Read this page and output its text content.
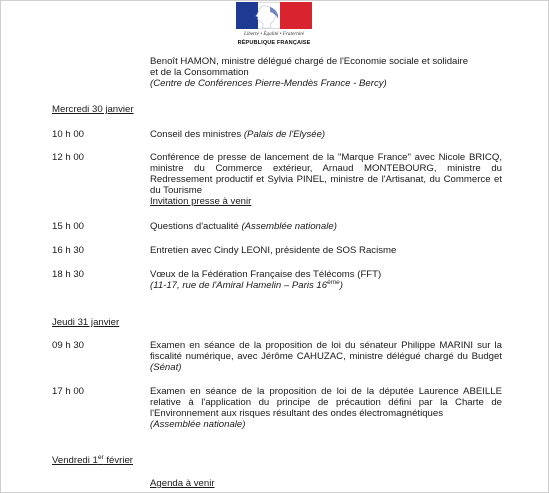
Liberté • Égalité • Fraternité
RÉPUBLIQUE FRANÇAISE

Benoît HAMON, ministre délégué chargé de l'Economie sociale et solidaire

et de la Consommation

(Centre de Conférences Pierre-Mendès France - Bercy)

Mercredi 30 janvier
10 h 00	Conseil des ministres (Palais de l'Elysée)
12 h 00	Conférence de presse de lancement de la "Marque France" avec Nicole BRICQ, ministre du Commerce extérieur, Arnaud MONTEBOURG, ministre du Redressement productif et Sylvia PINEL, ministre de l'Artisanat, du Commerce et du Tourisme
Invitation presse à venir
15 h 00	Questions d'actualité (Assemblée nationale)
16 h 30	Entretien avec Cindy LEONI, présidente de SOS Racisme
18 h 30	Vœux de la Fédération Française des Télécoms (FFT)
(11-17, rue de l'Amiral Hamelin – Paris 16ème)
Jeudi 31 janvier
09 h 30	Examen en séance de la proposition de loi du sénateur Philippe MARINI sur la fiscalité numérique, avec Jérôme CAHUZAC, ministre délégué chargé du Budget (Sénat)
17 h 00	Examen en séance de la proposition de loi de la députée Laurence ABEILLE relative à l'application du principe de précaution défini par la Charte de l'Environnement aux risques résultant des ondes électromagnétiques
(Assemblée nationale)
Vendredi 1er février
Agenda à venir
